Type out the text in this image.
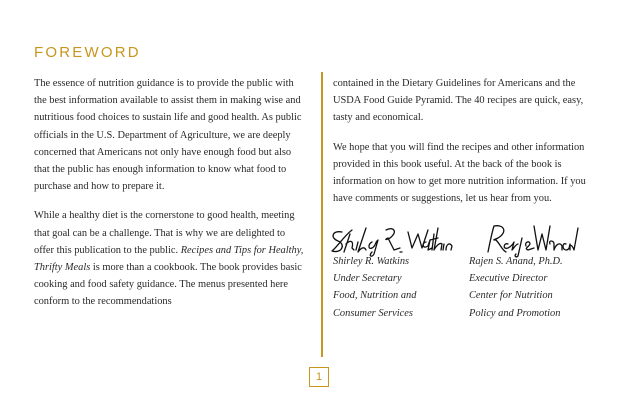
FOREWORD

The essence of nutrition guidance is to provide the public with the best information available to assist them in making wise and nutritious food choices to sustain life and good health. As public officials in the U.S. Department of Agriculture, we are deeply concerned that Americans not only have enough food but also that the public has enough information to know what food to purchase and how to prepare it.

While a healthy diet is the cornerstone to good health, meeting that goal can be a challenge. That is why we are delighted to offer this publication to the public. Recipes and Tips for Healthy, Thrifty Meals is more than a cookbook. The book provides basic cooking and food safety guidance. The menus presented here conform to the recommendations

contained in the Dietary Guidelines for Americans and the USDA Food Guide Pyramid. The 40 recipes are quick, easy, tasty and economical.

We hope that you will find the recipes and other information provided in this book useful. At the back of the book is information on how to get more nutrition information. If you have comments or suggestions, let us hear from you.

Shirley R. Watkins
Under Secretary
Food, Nutrition and
Consumer Services
Rajen S. Anand, Ph.D.
Executive Director
Center for Nutrition
Policy and Promotion
1
